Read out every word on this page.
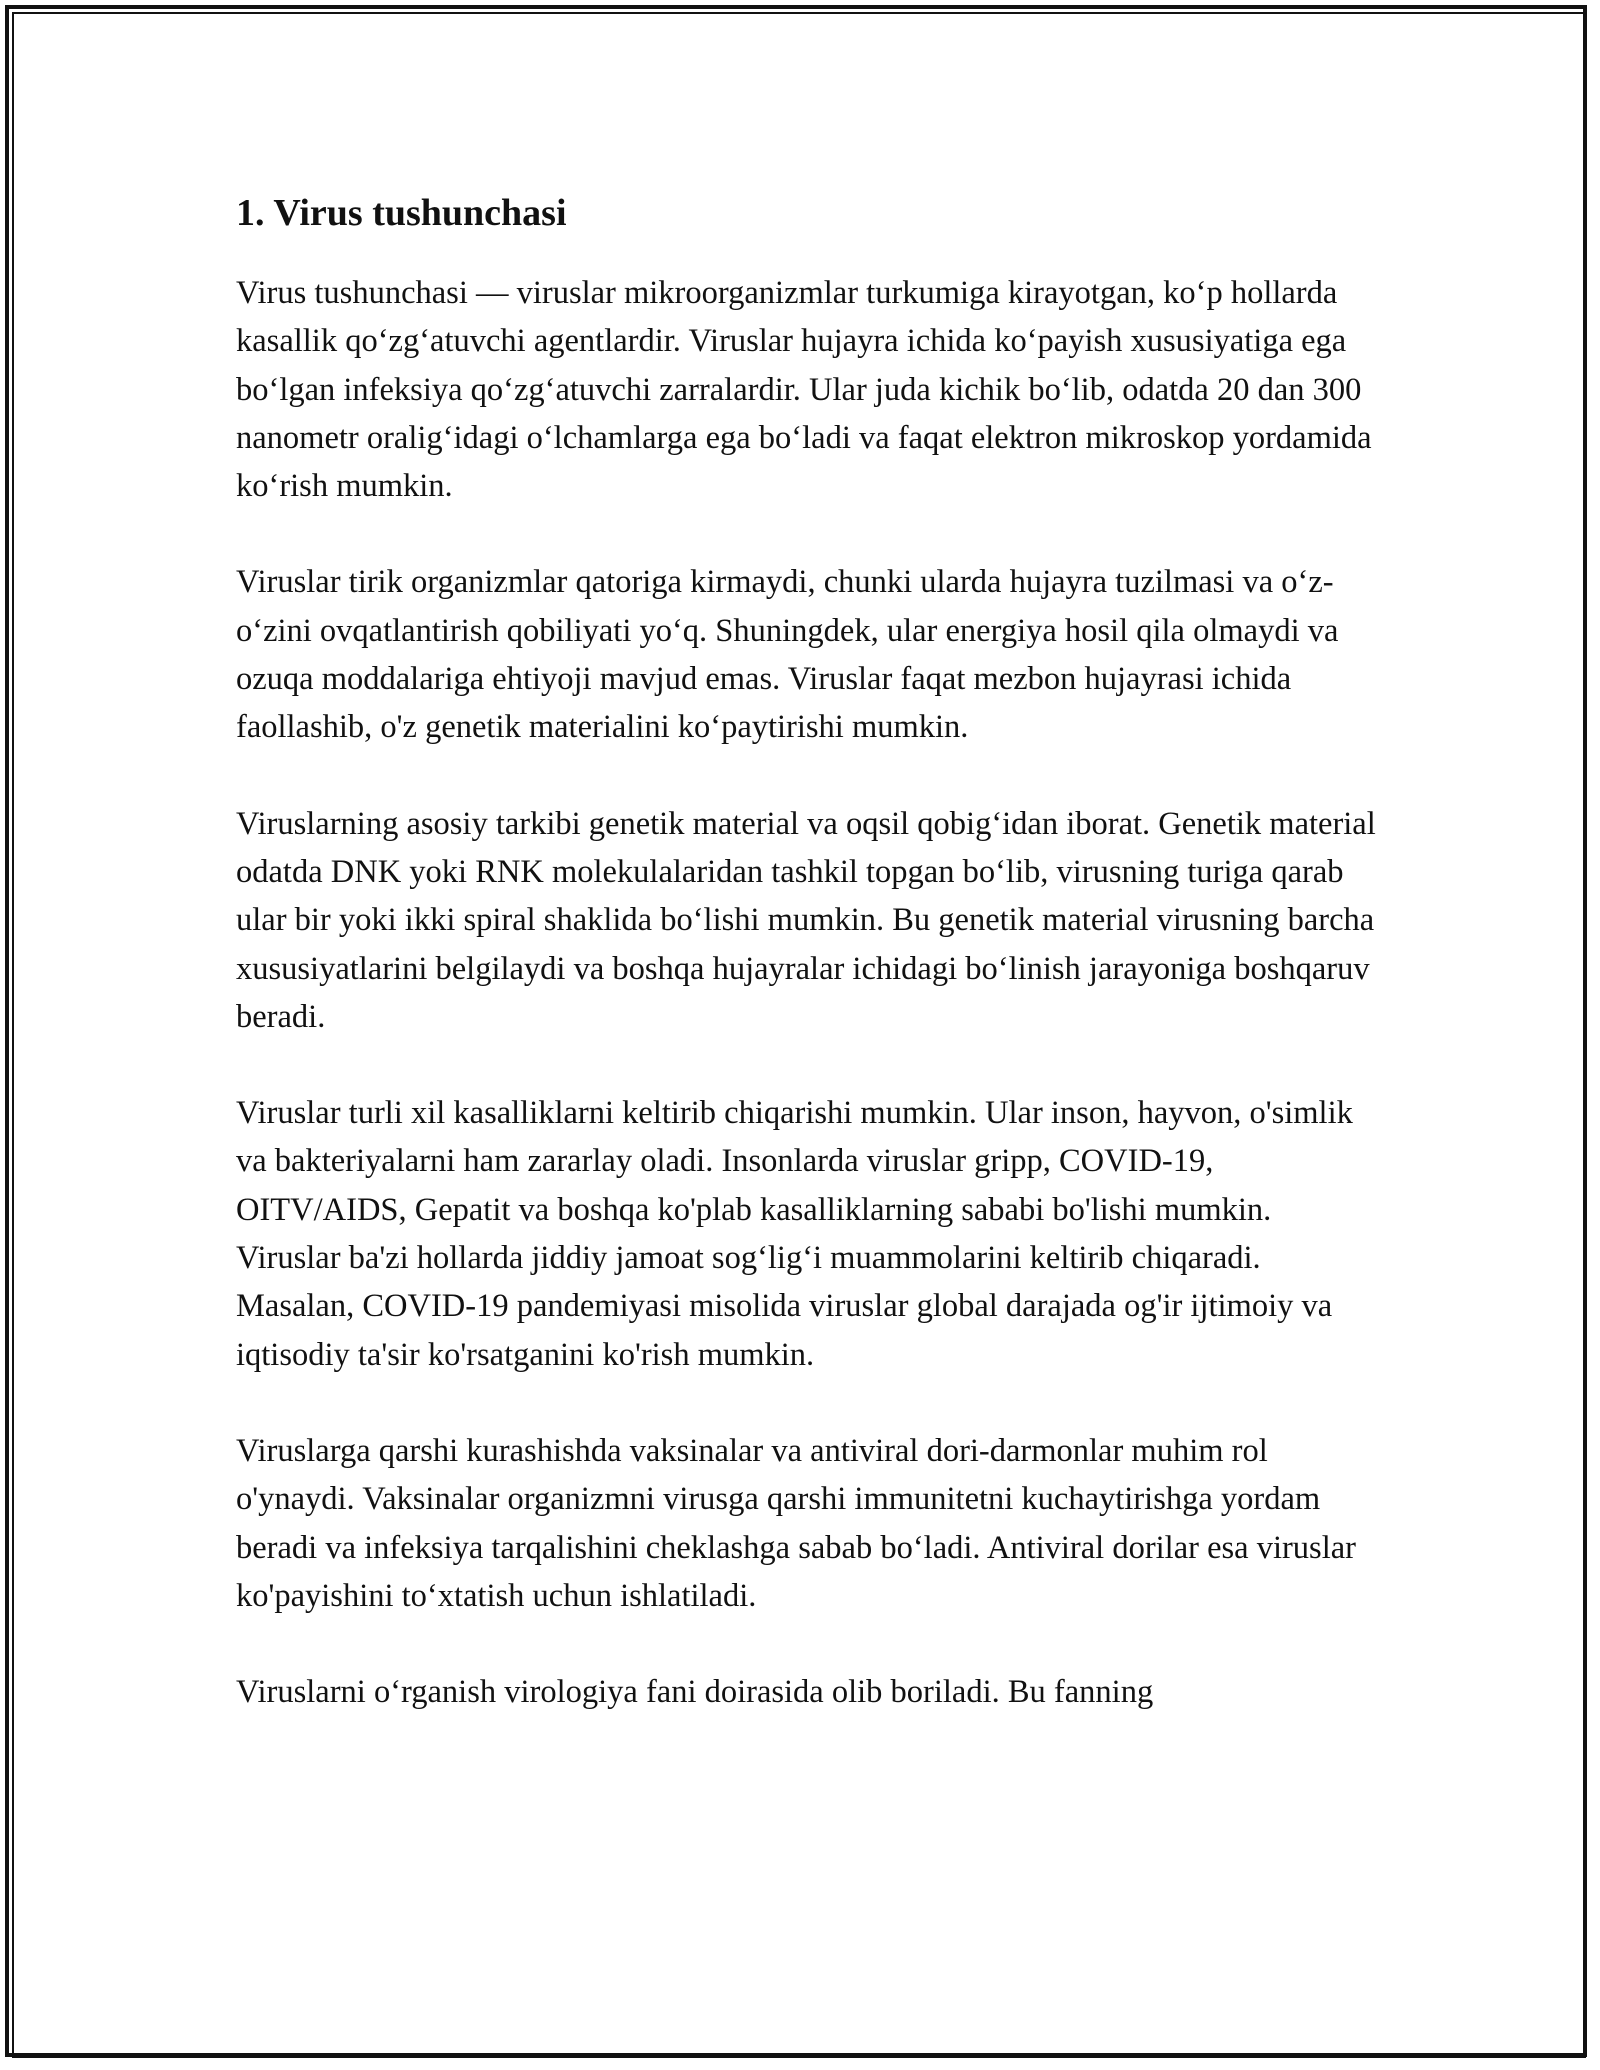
1. Virus tushunchasi

Virus tushunchasi — viruslar mikroorganizmlar turkumiga kirayotgan, koʻp hollarda kasallik qoʻzgʻatuvchi agentlardir. Viruslar hujayra ichida koʻpayish xususiyatiga ega boʻlgan infeksiya qoʻzgʻatuvchi zarralardir. Ular juda kichik boʻlib, odatda 20 dan 300 nanometr oraligʻidagi oʻlchamlarga ega boʻladi va faqat elektron mikroskop yordamida koʻrish mumkin.

Viruslar tirik organizmlar qatoriga kirmaydi, chunki ularda hujayra tuzilmasi va oʻz-oʻzini ovqatlantirish qobiliyati yoʻq. Shuningdek, ular energiya hosil qila olmaydi va ozuqa moddalariga ehtiyoji mavjud emas. Viruslar faqat mezbon hujayrasi ichida faollashib, o'z genetik materialini koʻpaytirishi mumkin.

Viruslarning asosiy tarkibi genetik material va oqsil qobigʻidan iborat. Genetik material odatda DNK yoki RNK molekulalaridan tashkil topgan boʻlib, virusning turiga qarab ular bir yoki ikki spiral shaklida boʻlishi mumkin. Bu genetik material virusning barcha xususiyatlarini belgilaydi va boshqa hujayralar ichidagi boʻlinish jarayoniga boshqaruv beradi.

Viruslar turli xil kasalliklarni keltirib chiqarishi mumkin. Ular inson, hayvon, o'simlik va bakteriyalarni ham zararlay oladi. Insonlarda viruslar gripp, COVID-19, OITV/AIDS, Gepatit va boshqa ko'plab kasalliklarning sababi bo'lishi mumkin. Viruslar ba'zi hollarda jiddiy jamoat sogʻligʻi muammolarini keltirib chiqaradi. Masalan, COVID-19 pandemiyasi misolida viruslar global darajada og'ir ijtimoiy va iqtisodiy ta'sir ko'rsatganini ko'rish mumkin.

Viruslarga qarshi kurashishda vaksinalar va antiviral dori-darmonlar muhim rol o'ynaydi. Vaksinalar organizmni virusga qarshi immunitetni kuchaytirishga yordam beradi va infeksiya tarqalishini cheklashga sabab boʻladi. Antiviral dorilar esa viruslar ko'payishini toʻxtatish uchun ishlatiladi.

Viruslarni oʻrganish virologiya fani doirasida olib boriladi. Bu fanning
